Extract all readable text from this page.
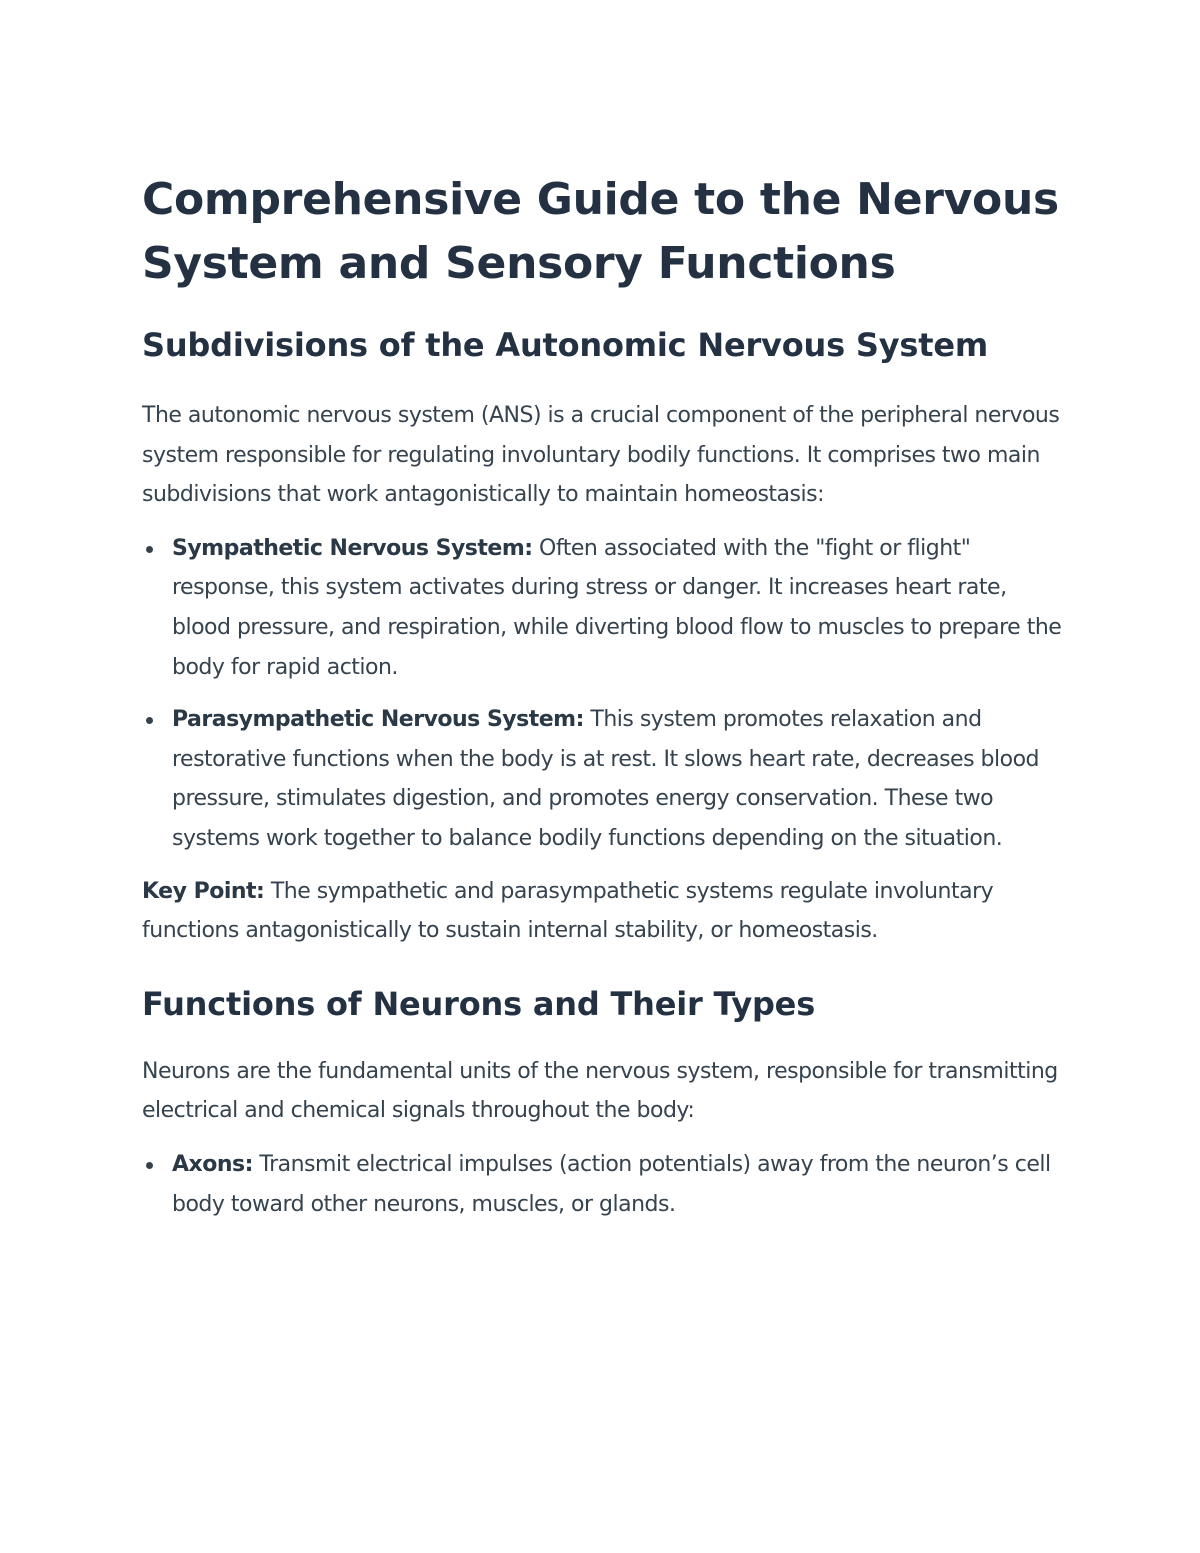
Comprehensive Guide to the Nervous System and Sensory Functions
Subdivisions of the Autonomic Nervous System

The autonomic nervous system (ANS) is a crucial component of the peripheral nervous system responsible for regulating involuntary bodily functions. It comprises two main subdivisions that work antagonistically to maintain homeostasis:

Sympathetic Nervous System: Often associated with the "fight or flight" response, this system activates during stress or danger. It increases heart rate, blood pressure, and respiration, while diverting blood flow to muscles to prepare the body for rapid action.
Parasympathetic Nervous System: This system promotes relaxation and restorative functions when the body is at rest. It slows heart rate, decreases blood pressure, stimulates digestion, and promotes energy conservation. These two systems work together to balance bodily functions depending on the situation.

Key Point: The sympathetic and parasympathetic systems regulate involuntary functions antagonistically to sustain internal stability, or homeostasis.

Functions of Neurons and Their Types

Neurons are the fundamental units of the nervous system, responsible for transmitting electrical and chemical signals throughout the body:

Axons: Transmit electrical impulses (action potentials) away from the neuron’s cell body toward other neurons, muscles, or glands.
